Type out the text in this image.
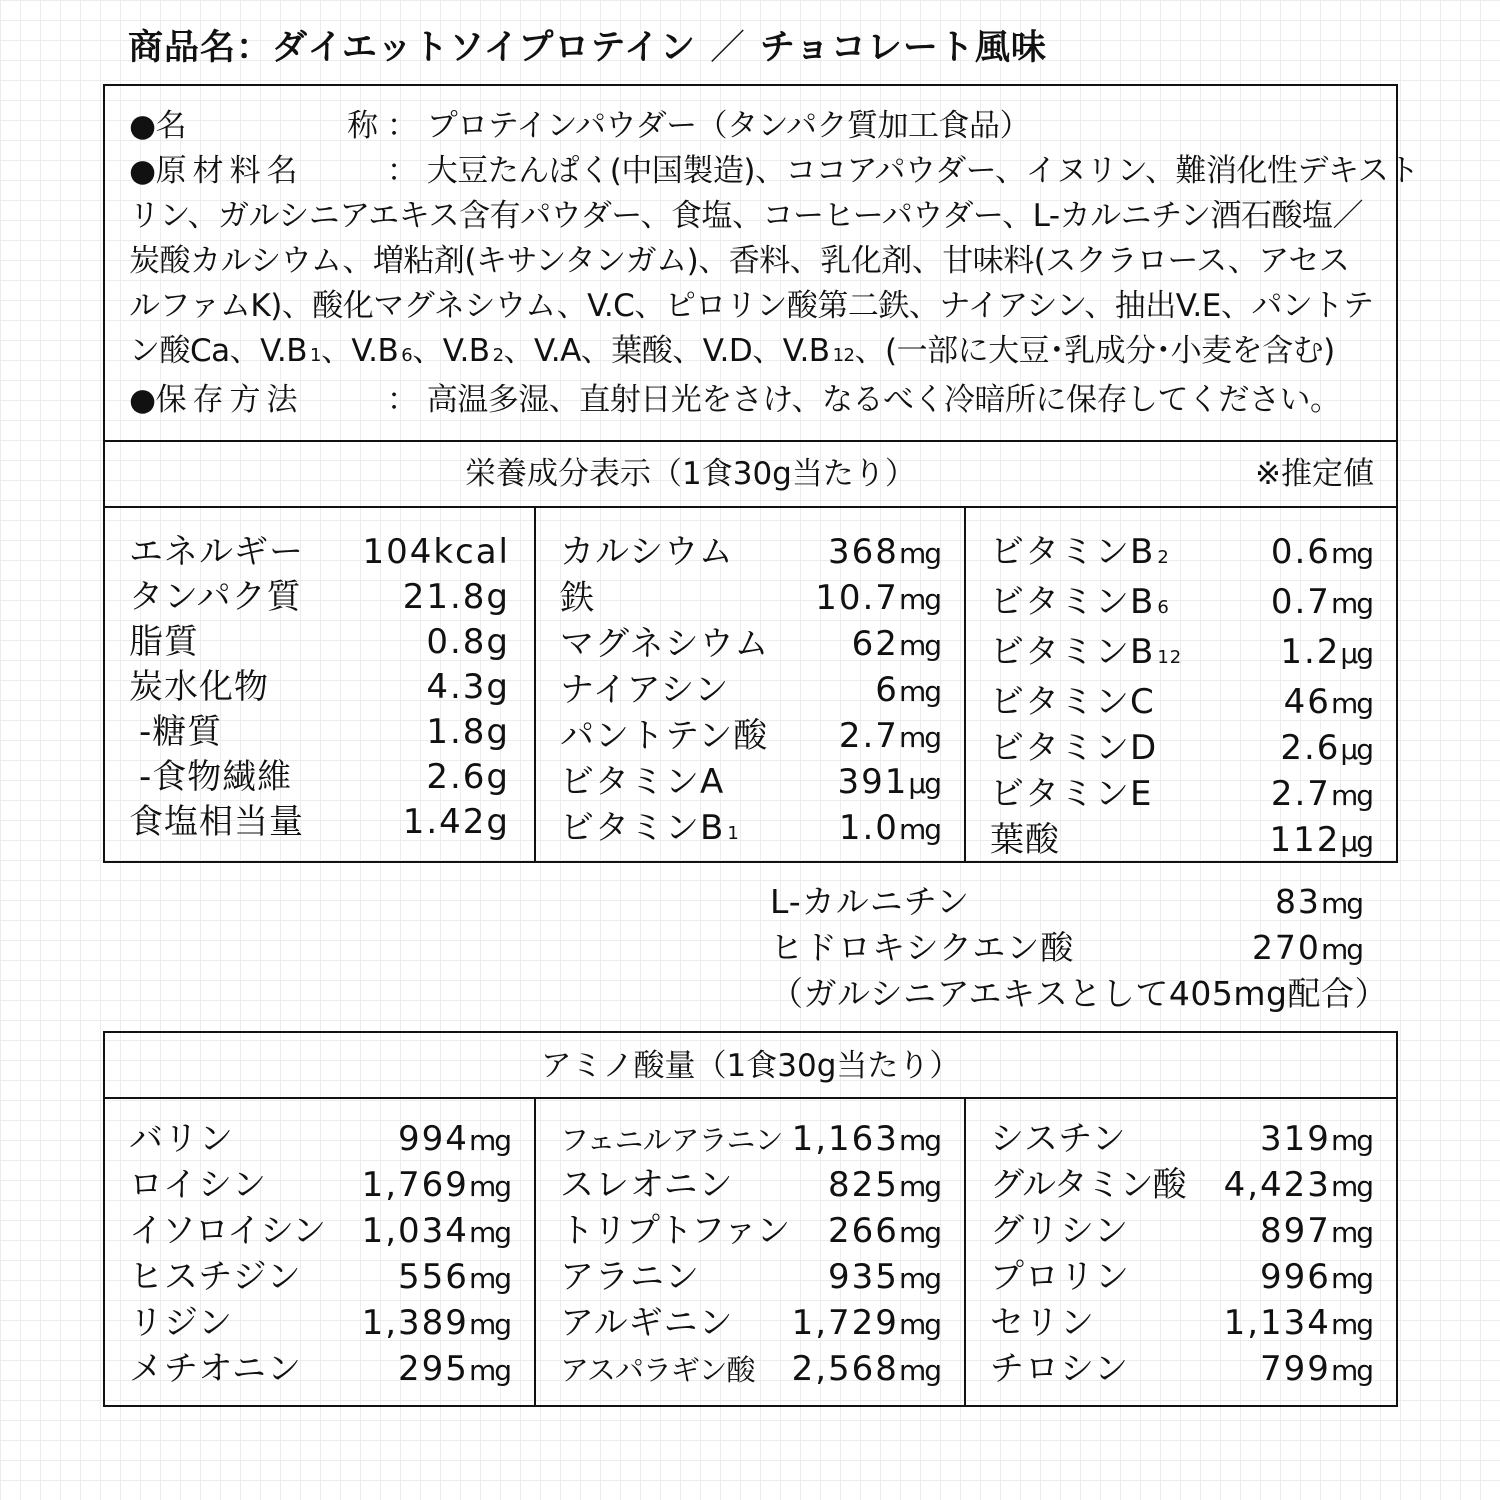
商品名：ダイエットソイプロテイン ／ チョコレート風味
● 名	称 ： プロテインパウダー（タンパク質加工食品）
●原材料名	： 大豆たんぱく(中国製造)、ココアパウダー、イヌリン、難消化性デキスト
リン、ガルシニアエキス含有パウダー、食塩、コーヒーパウダー、L-カルニチン酒石酸塩／
炭酸カルシウム、増粘剤(キサンタンガム)、香料、乳化剤、甘味料(スクラロース、アセス
ルファムK)、酸化マグネシウム、V.C、ピロリン酸第二鉄、ナイアシン、抽出V.E、パントテ
ン酸Ca、V.B 1、V.B 6、V.B 2、V.A、葉酸、V.D、V.B 12、(一部に大豆･乳成分･小麦を含む)
●保存方法	： 高温多湿、直射日光をさけ、なるべく冷暗所に保存してください。
栄養成分表示（1食30g当たり）	※推定値
エネルギー 104kcal
タンパク質	21.8g
脂質	0.8g
炭水化物	4.3g
-糖質	1.8g
-食物繊維	2.6g
食塩相当量	1.42g
カルシウム	368mg
鉄	10.7mg
マグネシウム 62mg
ナイアシン	6mg
パントテン酸 2.7mg
ビタミンA	391μg
ビタミンB 1	1.0mg
ビタミンB 2	0.6mg
ビタミンB 6	0.7mg
ビタミンB 12	1.2μg
ビタミンC	46mg
ビタミンD	2.6μg
ビタミンE	2.7mg
葉酸	112μg
L-カルニチン	83mg
ヒドロキシクエン酸	270mg
（ガルシニアエキスとして405mg配合）
アミノ酸量（1食30g当たり）
バリン	994mg
ロイシン	1,769mg
イソロイシン 1,034mg
ヒスチジン	556mg
リジン	1,389mg
メチオニン	295mg
フェニルアラニン 1,163mg
スレオニン	825mg
トリプトファン 266mg
アラニン	935mg
アルギニン 1,729mg
アスパラギン酸 2,568mg
シスチン	319mg
グルタミン酸 4,423mg
グリシン	897mg
プロリン	996mg
セリン	1,134mg
チロシン	799mg
